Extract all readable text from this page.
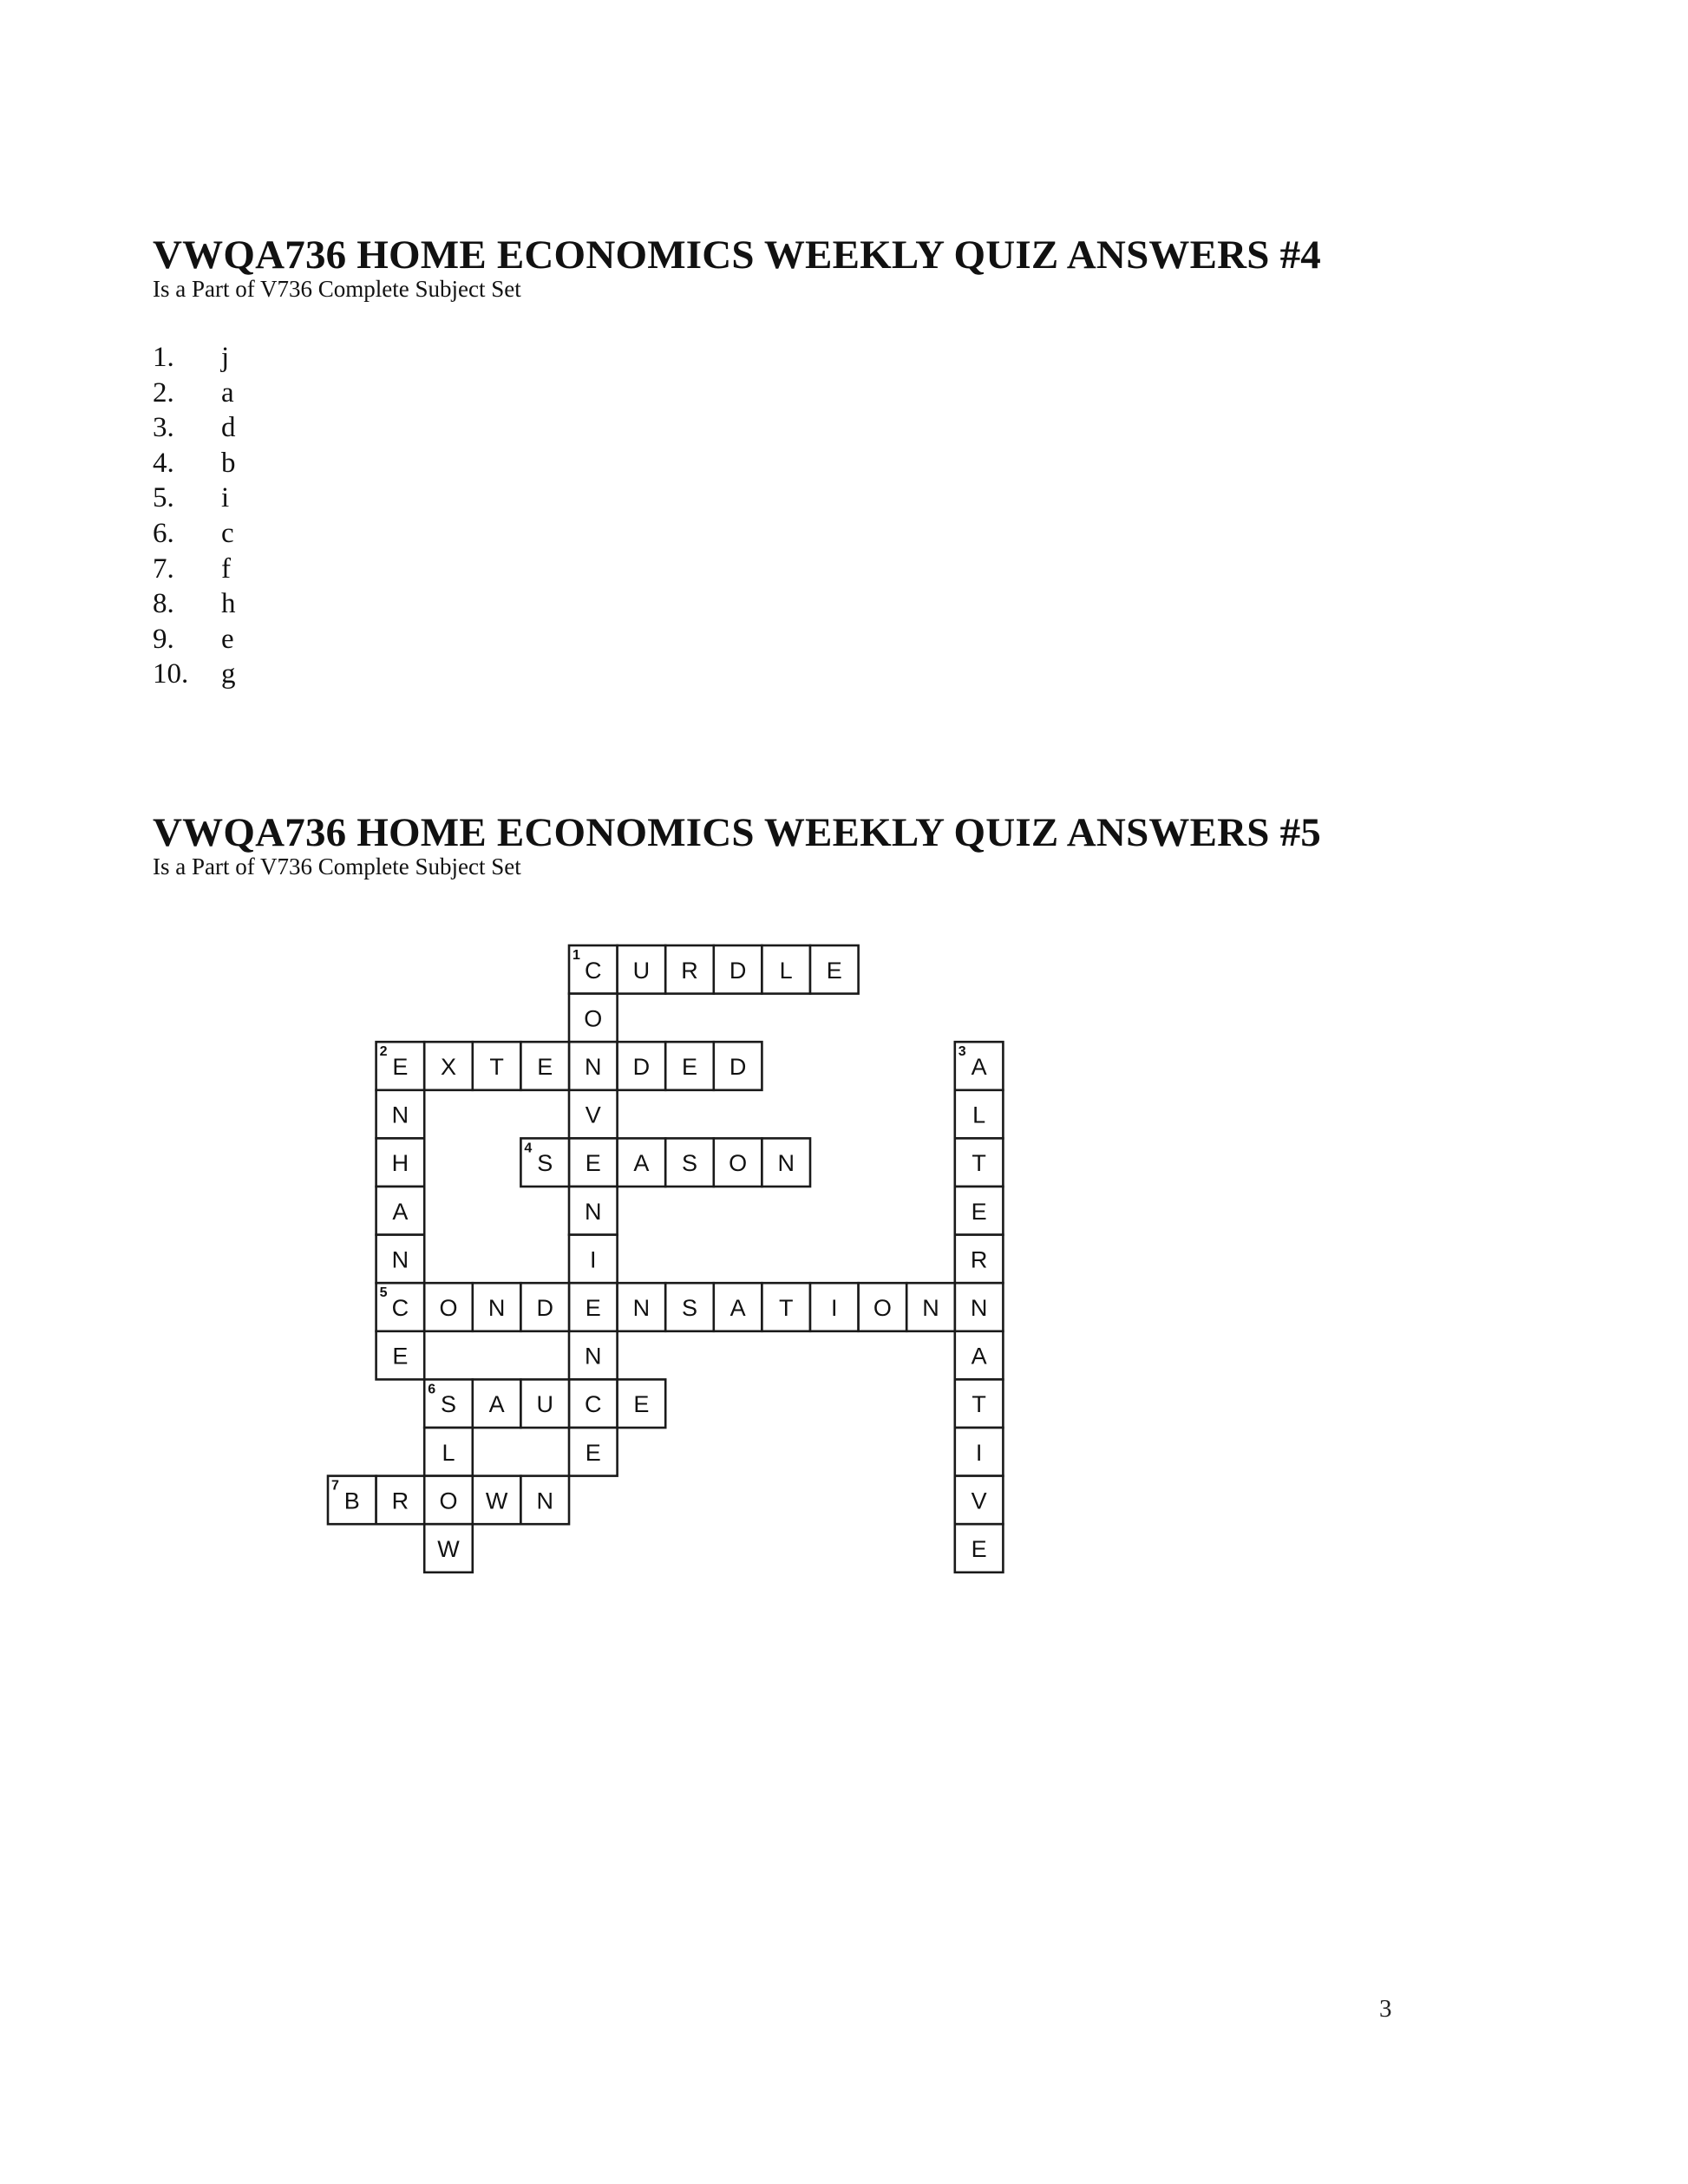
VWQA736 HOME ECONOMICS WEEKLY QUIZ ANSWERS #4
Is a Part of V736 Complete Subject Set
1. j
2. a
3. d
4. b
5. i
6. c
7. f
8. h
9. e
10. g
VWQA736 HOME ECONOMICS WEEKLY QUIZ ANSWERS #5
Is a Part of V736 Complete Subject Set
C
1
U R D L E
O
N
V
E
N
I
E
N
C
E
E
2
X T E	D E D
N
H
A
N
C
5
E
A
3
L
T
E
R
N
A
T
I
V
E
S
4
A S O N
O N D	N S A T I O N
S
6
A U	E
L
O
W
B
7
R	W N
3
